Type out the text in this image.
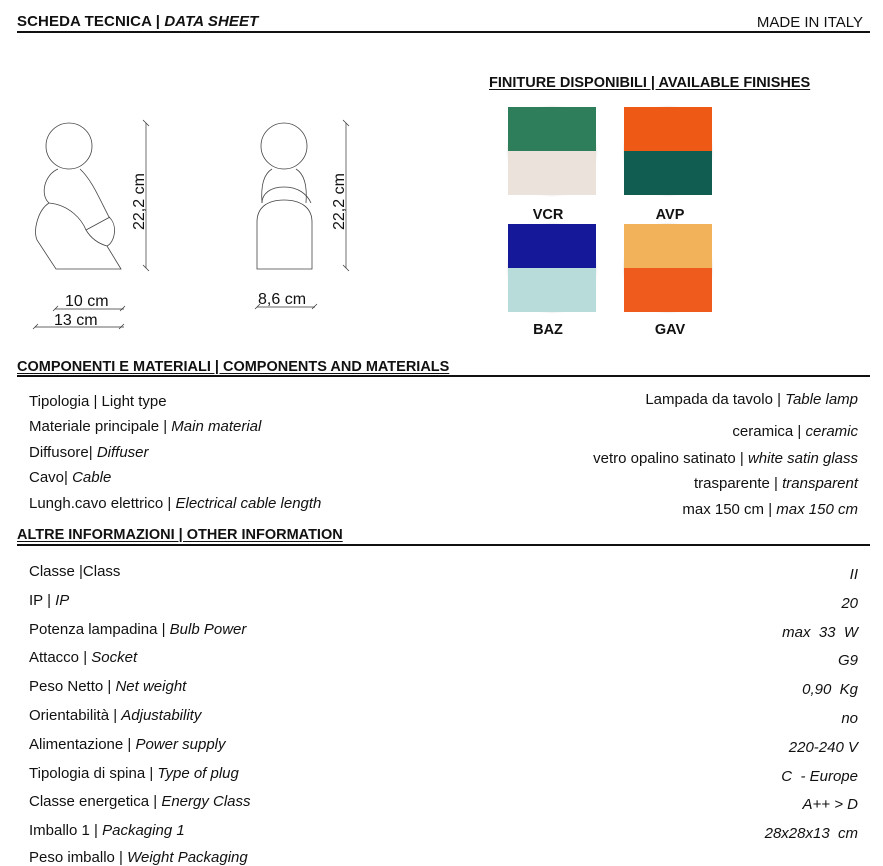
SCHEDA TECNICA | DATA SHEET	MADE IN ITALY
22,2 cm
10 cm
13 cm
22,2 cm
8,6 cm
FINITURE DISPONIBILI | AVAILABLE FINISHES
VCR	AVP
BAZ	GAV
COMPONENTI E MATERIALI | COMPONENTS AND MATERIALS
Tipologia | Light type	Lampada da tavolo | Table lamp
Materiale principale | Main material	ceramica | ceramic
Diffusore| Diffuser	vetro opalino satinato | white satin glass
Cavo| Cable	trasparente | transparent
Lungh.cavo elettrico | Electrical cable length	max 150 cm | max 150 cm
ALTRE INFORMAZIONI | OTHER INFORMATION
Classe |Class	II
IP | IP	20
Potenza lampadina | Bulb Power	max  33  W
Attacco | Socket	G9
Peso Netto | Net weight	0,90  Kg
Orientabilità | Adjustability	no
Alimentazione | Power supply	220-240 V
Tipologia di spina | Type of plug	C  - Europe
Classe energetica | Energy Class	A++ > D
Imballo 1 | Packaging 1	28x28x13  cm
Peso imballo | Weight Packaging
